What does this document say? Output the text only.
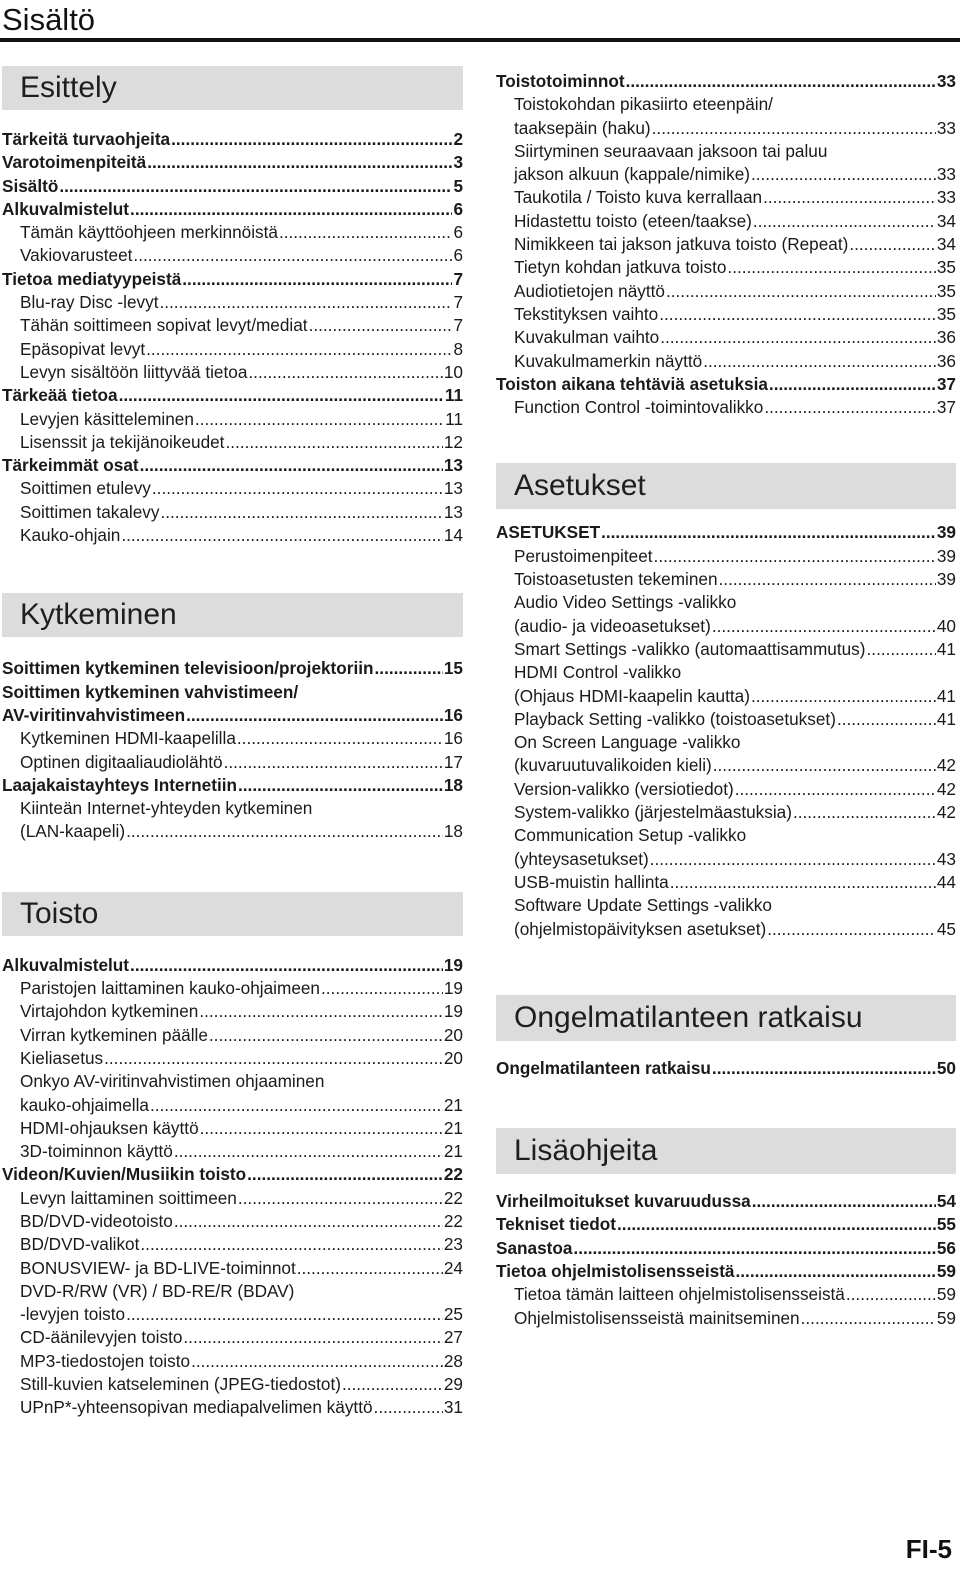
Sisältö
Esittely
Tärkeitä turvaohjeita .....	2
Varotoimenpiteitä .....	3
Sisältö .....	5
Alkuvalmistelut .....	6
Tämän käyttöohjeen merkinnöistä .....	6
Vakiovarusteet .....	6
Tietoa mediatyypeistä .....	7
Blu-ray Disc -levyt .....	7
Tähän soittimeen sopivat levyt/mediat .....	7
Epäsopivat levyt .....	8
Levyn sisältöön liittyvää tietoa .....	10
Tärkeää tietoa .....	11
Levyjen käsitteleminen .....	11
Lisenssit ja tekijänoikeudet .....	12
Tärkeimmät osat .....	13
Soittimen etulevy .....	13
Soittimen takalevy .....	13
Kauko-ohjain .....	14
Kytkeminen
Soittimen kytkeminen televisioon/projektoriin .....	15
Soittimen kytkeminen vahvistimeen/
AV-viritinvahvistimeen .....	16
Kytkeminen HDMI-kaapelilla .....	16
Optinen digitaaliaudiolähtö .....	17
Laajakaistayhteys Internetiin .....	18
Kiinteän Internet-yhteyden kytkeminen
(LAN-kaapeli) .....	18
Toisto
Alkuvalmistelut .....	19
Paristojen laittaminen kauko-ohjaimeen .....	19
Virtajohdon kytkeminen .....	19
Virran kytkeminen päälle .....	20
Kieliasetus .....	20
Onkyo AV-viritinvahvistimen ohjaaminen
kauko-ohjaimella .....	21
HDMI-ohjauksen käyttö .....	21
3D-toiminnon käyttö .....	21
Videon/Kuvien/Musiikin toisto .....	22
Levyn laittaminen soittimeen .....	22
BD/DVD-videotoisto .....	22
BD/DVD-valikot .....	23
BONUSVIEW- ja BD-LIVE-toiminnot .....	24
DVD-R/RW (VR) / BD-RE/R (BDAV)
-levyjen toisto .....	25
CD-äänilevyjen toisto .....	27
MP3-tiedostojen toisto .....	28
Still-kuvien katseleminen (JPEG-tiedostot) .....	29
UPnP*-yhteensopivan mediapalvelimen käyttö .....	31
Toistotoiminnot .....	33
Toistokohdan pikasiirto eteenpäin/
taaksepäin (haku) .....	33
Siirtyminen seuraavaan jaksoon tai paluu
jakson alkuun (kappale/nimike) .....	33
Taukotila / Toisto kuva kerrallaan .....	33
Hidastettu toisto (eteen/taakse) .....	34
Nimikkeen tai jakson jatkuva toisto (Repeat) .....	34
Tietyn kohdan jatkuva toisto .....	35
Audiotietojen näyttö .....	35
Tekstityksen vaihto .....	35
Kuvakulman vaihto .....	36
Kuvakulmamerkin näyttö .....	36
Toiston aikana tehtäviä asetuksia .....	37
Function Control -toimintovalikko .....	37
Asetukset
ASETUKSET .....	39
Perustoimenpiteet .....	39
Toistoasetusten tekeminen .....	39
Audio Video Settings -valikko
(audio- ja videoasetukset) .....	40
Smart Settings -valikko (automaattisammutus) .....	41
HDMI Control -valikko
(Ohjaus HDMI-kaapelin kautta) .....	41
Playback Setting -valikko (toistoasetukset) .....	41
On Screen Language -valikko
(kuvaruutuvalikoiden kieli) .....	42
Version-valikko (versiotiedot) .....	42
System-valikko (järjestelmäastuksia) .....	42
Communication Setup -valikko
(yhteysasetukset) .....	43
USB-muistin hallinta .....	44
Software Update Settings -valikko
(ohjelmistopäivityksen asetukset) .....	45
Ongelmatilanteen ratkaisu
Ongelmatilanteen ratkaisu .....	50
Lisäohjeita
Virheilmoitukset kuvaruudussa .....	54
Tekniset tiedot .....	55
Sanastoa .....	56
Tietoa ohjelmistolisensseistä .....	59
Tietoa tämän laitteen ohjelmistolisensseistä .....	59
Ohjelmistolisensseistä mainitseminen .....	59
FI-5
